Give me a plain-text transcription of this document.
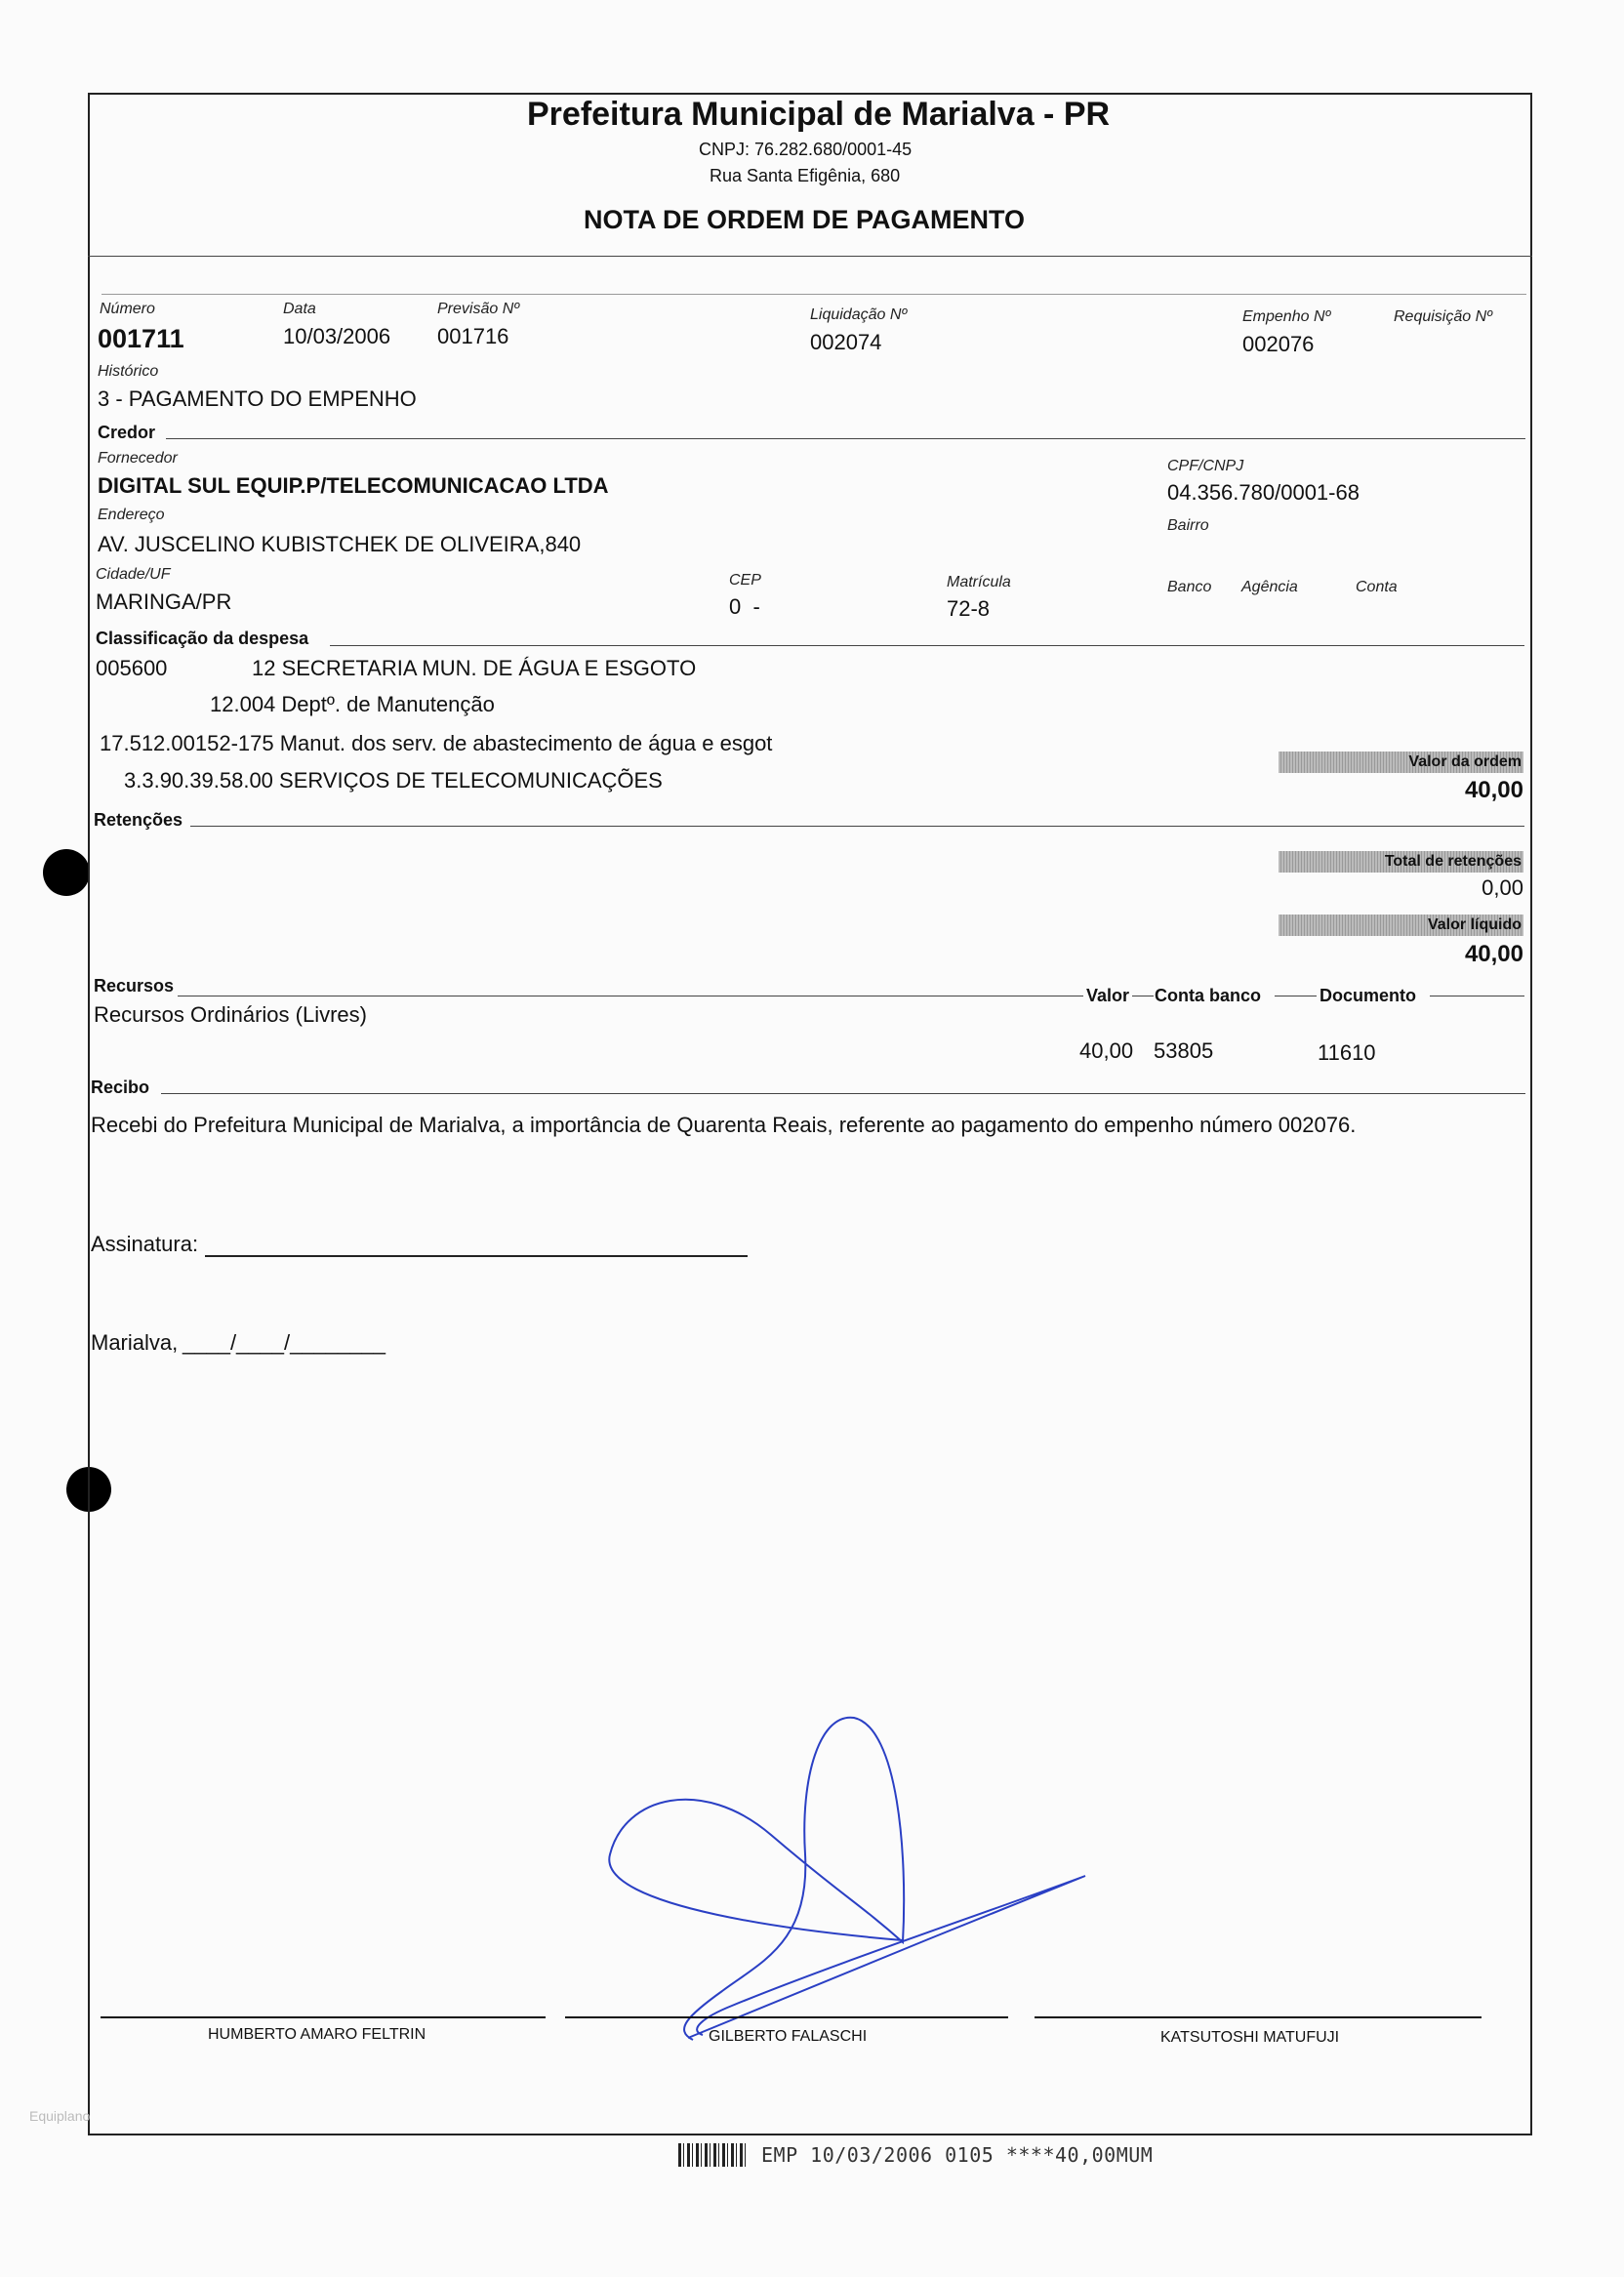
Prefeitura Municipal de Marialva - PR
CNPJ: 76.282.680/0001-45
Rua Santa Efigênia, 680
NOTA DE ORDEM DE PAGAMENTO
Número
001711
Data
10/03/2006
Previsão Nº
001716
Liquidação Nº
002074
Empenho Nº
002076
Requisição Nº
Histórico
3 - PAGAMENTO DO EMPENHO
Credor
Fornecedor
DIGITAL SUL EQUIP.P/TELECOMUNICACAO LTDA
CPF/CNPJ
04.356.780/0001-68
Endereço
AV. JUSCELINO KUBISTCHEK DE OLIVEIRA,840
Bairro
Cidade/UF
MARINGA/PR
CEP
0  -
Matrícula
72-8
Banco Agência	Conta
Classificação da despesa
005600	12 SECRETARIA MUN. DE ÁGUA E ESGOTO
12.004 Deptº. de Manutenção
17.512.00152-175 Manut. dos serv. de abastecimento de água e esgot
3.3.90.39.58.00 SERVIÇOS DE TELECOMUNICAÇÕES
Valor da ordem
40,00
Retenções
Total de retenções
0,00
Valor líquido
40,00
Recursos	Valor Conta banco	Documento
Recursos Ordinários (Livres)
40,00 53805	11610
Recibo
Recebi do Prefeitura Municipal de Marialva, a importância de Quarenta Reais, referente ao pagamento do empenho número 002076.
Assinatura:
Marialva, ____/____/________
HUMBERTO AMARO FELTRIN	GILBERTO FALASCHI	KATSUTOSHI MATUFUJI
Equiplano
EMP 10/03/2006 0105 ****40,00MUM
